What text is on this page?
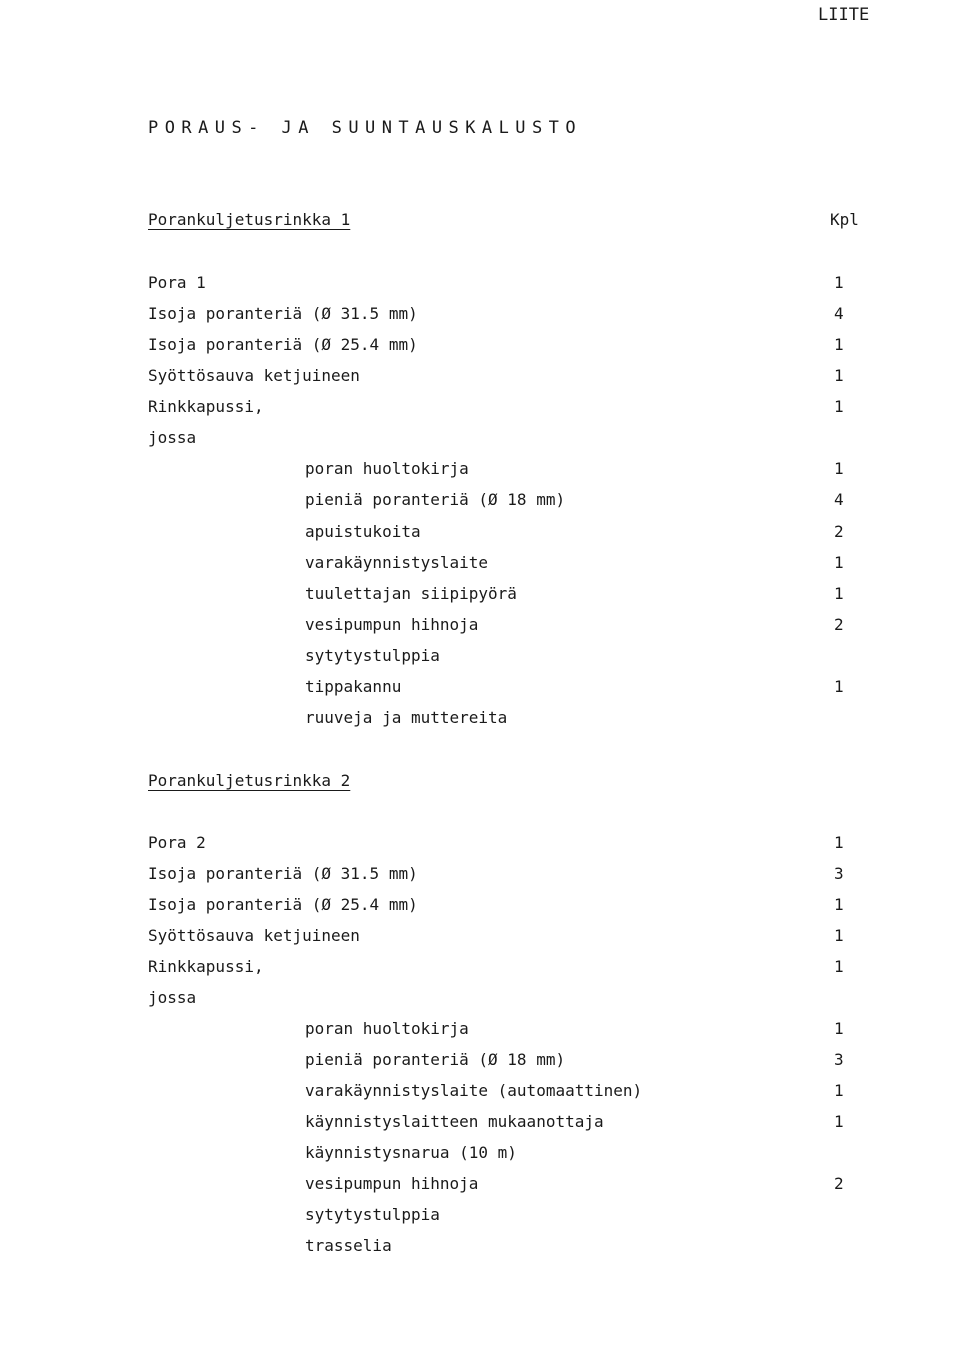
LIITE
PORAUS- JA SUUNTAUSKALUSTO
Kpl
Porankuljetusrinkka 1
Pora 1	1
Isoja poranteriä (Ø 31.5 mm)	4
Isoja poranteriä (Ø 25.4 mm)	1
Syöttösauva ketjuineen	1
Rinkkapussi,	1
jossa
poran huoltokirja	1
pieniä poranteriä (Ø 18 mm)	4
apuistukoita	2
varakäynnistyslaite	1
tuulettajan siipipyörä	1
vesipumpun hihnoja	2
sytytystulppia
tippakannu	1
ruuveja ja muttereita
Porankuljetusrinkka 2
Pora 2	1
Isoja poranteriä (Ø 31.5 mm)	3
Isoja poranteriä (Ø 25.4 mm)	1
Syöttösauva ketjuineen	1
Rinkkapussi,	1
jossa
poran huoltokirja	1
pieniä poranteriä (Ø 18 mm)	3
varakäynnistyslaite (automaattinen)	1
käynnistyslaitteen mukaanottaja	1
käynnistysnarua (10 m)
vesipumpun hihnoja	2
sytytystulppia
trasselia
